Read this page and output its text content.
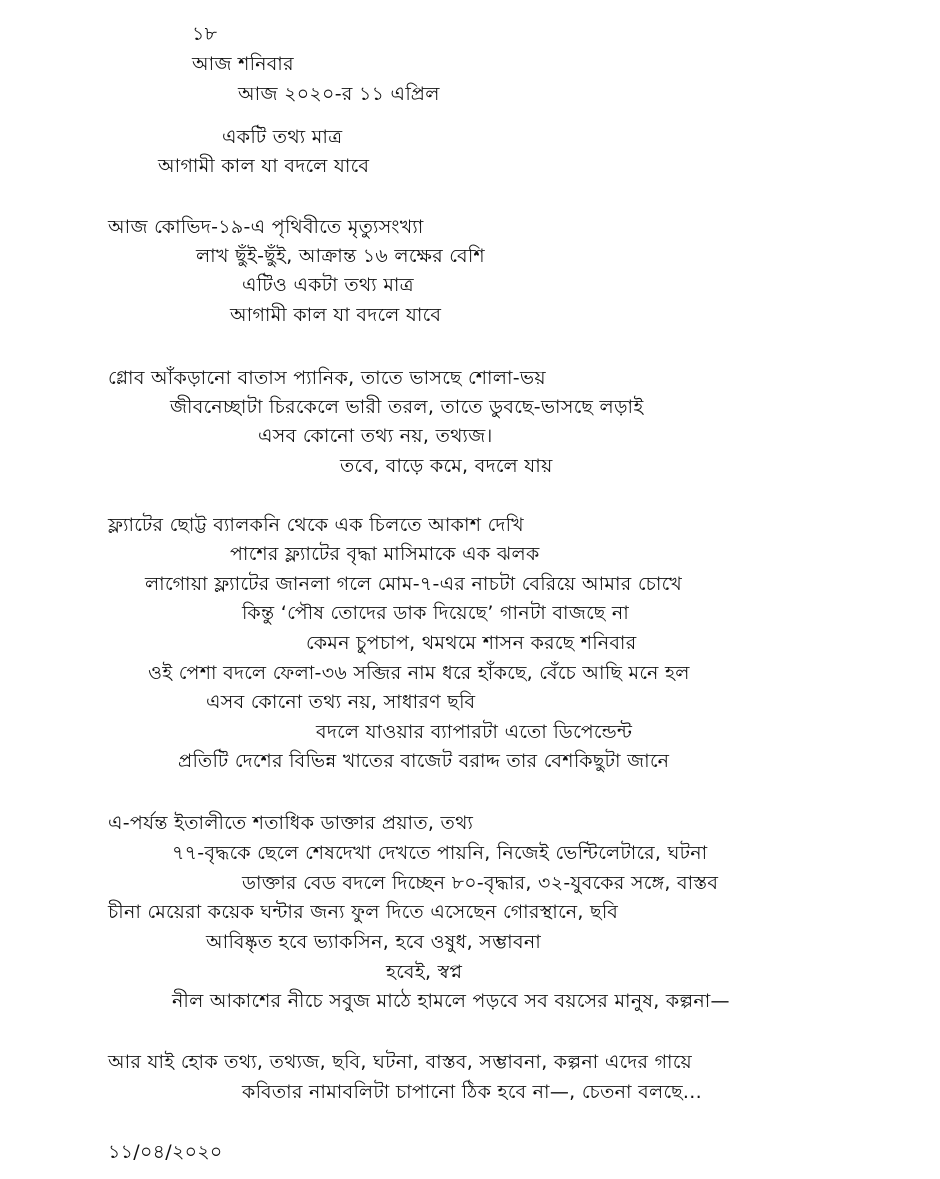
১৮
আজ শনিবার
আজ ২০২০-র ১১ এপ্রিল
একটি তথ্য মাত্র
আগামী কাল যা বদলে যাবে
আজ কোভিদ-১৯-এ পৃথিবীতে মৃত্যুসংখ্যা
লাখ ছুঁই-ছুঁই, আক্রান্ত ১৬ লক্ষের বেশি
এটিও একটা তথ্য মাত্র
আগামী কাল যা বদলে যাবে
গ্লোব আঁকড়ানো বাতাস প্যানিক, তাতে ভাসছে শোলা-ভয়
জীবনেচ্ছাটা চিরকেলে ভারী তরল, তাতে ডুবছে-ভাসছে লড়াই
এসব কোনো তথ্য নয়, তথ্যজ।
তবে, বাড়ে কমে, বদলে যায়
ফ্ল্যাটের ছোট্ট ব্যালকনি থেকে এক চিলতে আকাশ দেখি
পাশের ফ্ল্যাটের বৃদ্ধা মাসিমাকে এক ঝলক
লাগোয়া ফ্ল্যাটের জানলা গলে মোম-৭-এর নাচটা বেরিয়ে আমার চোখে
কিন্তু ‘পৌষ তোদের ডাক দিয়েছে’ গানটা বাজছে না
কেমন চুপচাপ, থমথমে শাসন করছে শনিবার
ওই পেশা বদলে ফেলা-৩৬ সব্জির নাম ধরে হাঁকছে, বেঁচে আছি মনে হল
এসব কোনো তথ্য নয়, সাধারণ ছবি
বদলে যাওয়ার ব্যাপারটা এতো ডিপেন্ডেন্ট
প্রতিটি দেশের বিভিন্ন খাতের বাজেট বরাদ্দ তার বেশকিছুটা জানে
এ-পর্যন্ত ইতালীতে শতাধিক ডাক্তার প্রয়াত, তথ্য
৭৭-বৃদ্ধকে ছেলে শেষদেখা দেখতে পায়নি, নিজেই ভেন্টিলেটারে, ঘটনা
ডাক্তার বেড বদলে দিচ্ছেন ৮০-বৃদ্ধার, ৩২-যুবকের সঙ্গে, বাস্তব
চীনা মেয়েরা কয়েক ঘন্টার জন্য ফুল দিতে এসেছেন গোরস্থানে, ছবি
আবিষ্কৃত হবে ভ্যাকসিন, হবে ওষুধ, সম্ভাবনা
হবেই, স্বপ্ন
নীল আকাশের নীচে সবুজ মাঠে হামলে পড়বে সব বয়সের মানুষ, কল্পনা—
আর যাই হোক তথ্য, তথ্যজ, ছবি, ঘটনা, বাস্তব, সম্ভাবনা, কল্পনা এদের গায়ে
কবিতার নামাবলিটা চাপানো ঠিক হবে না—, চেতনা বলছে...
১১/০৪/২০২০
